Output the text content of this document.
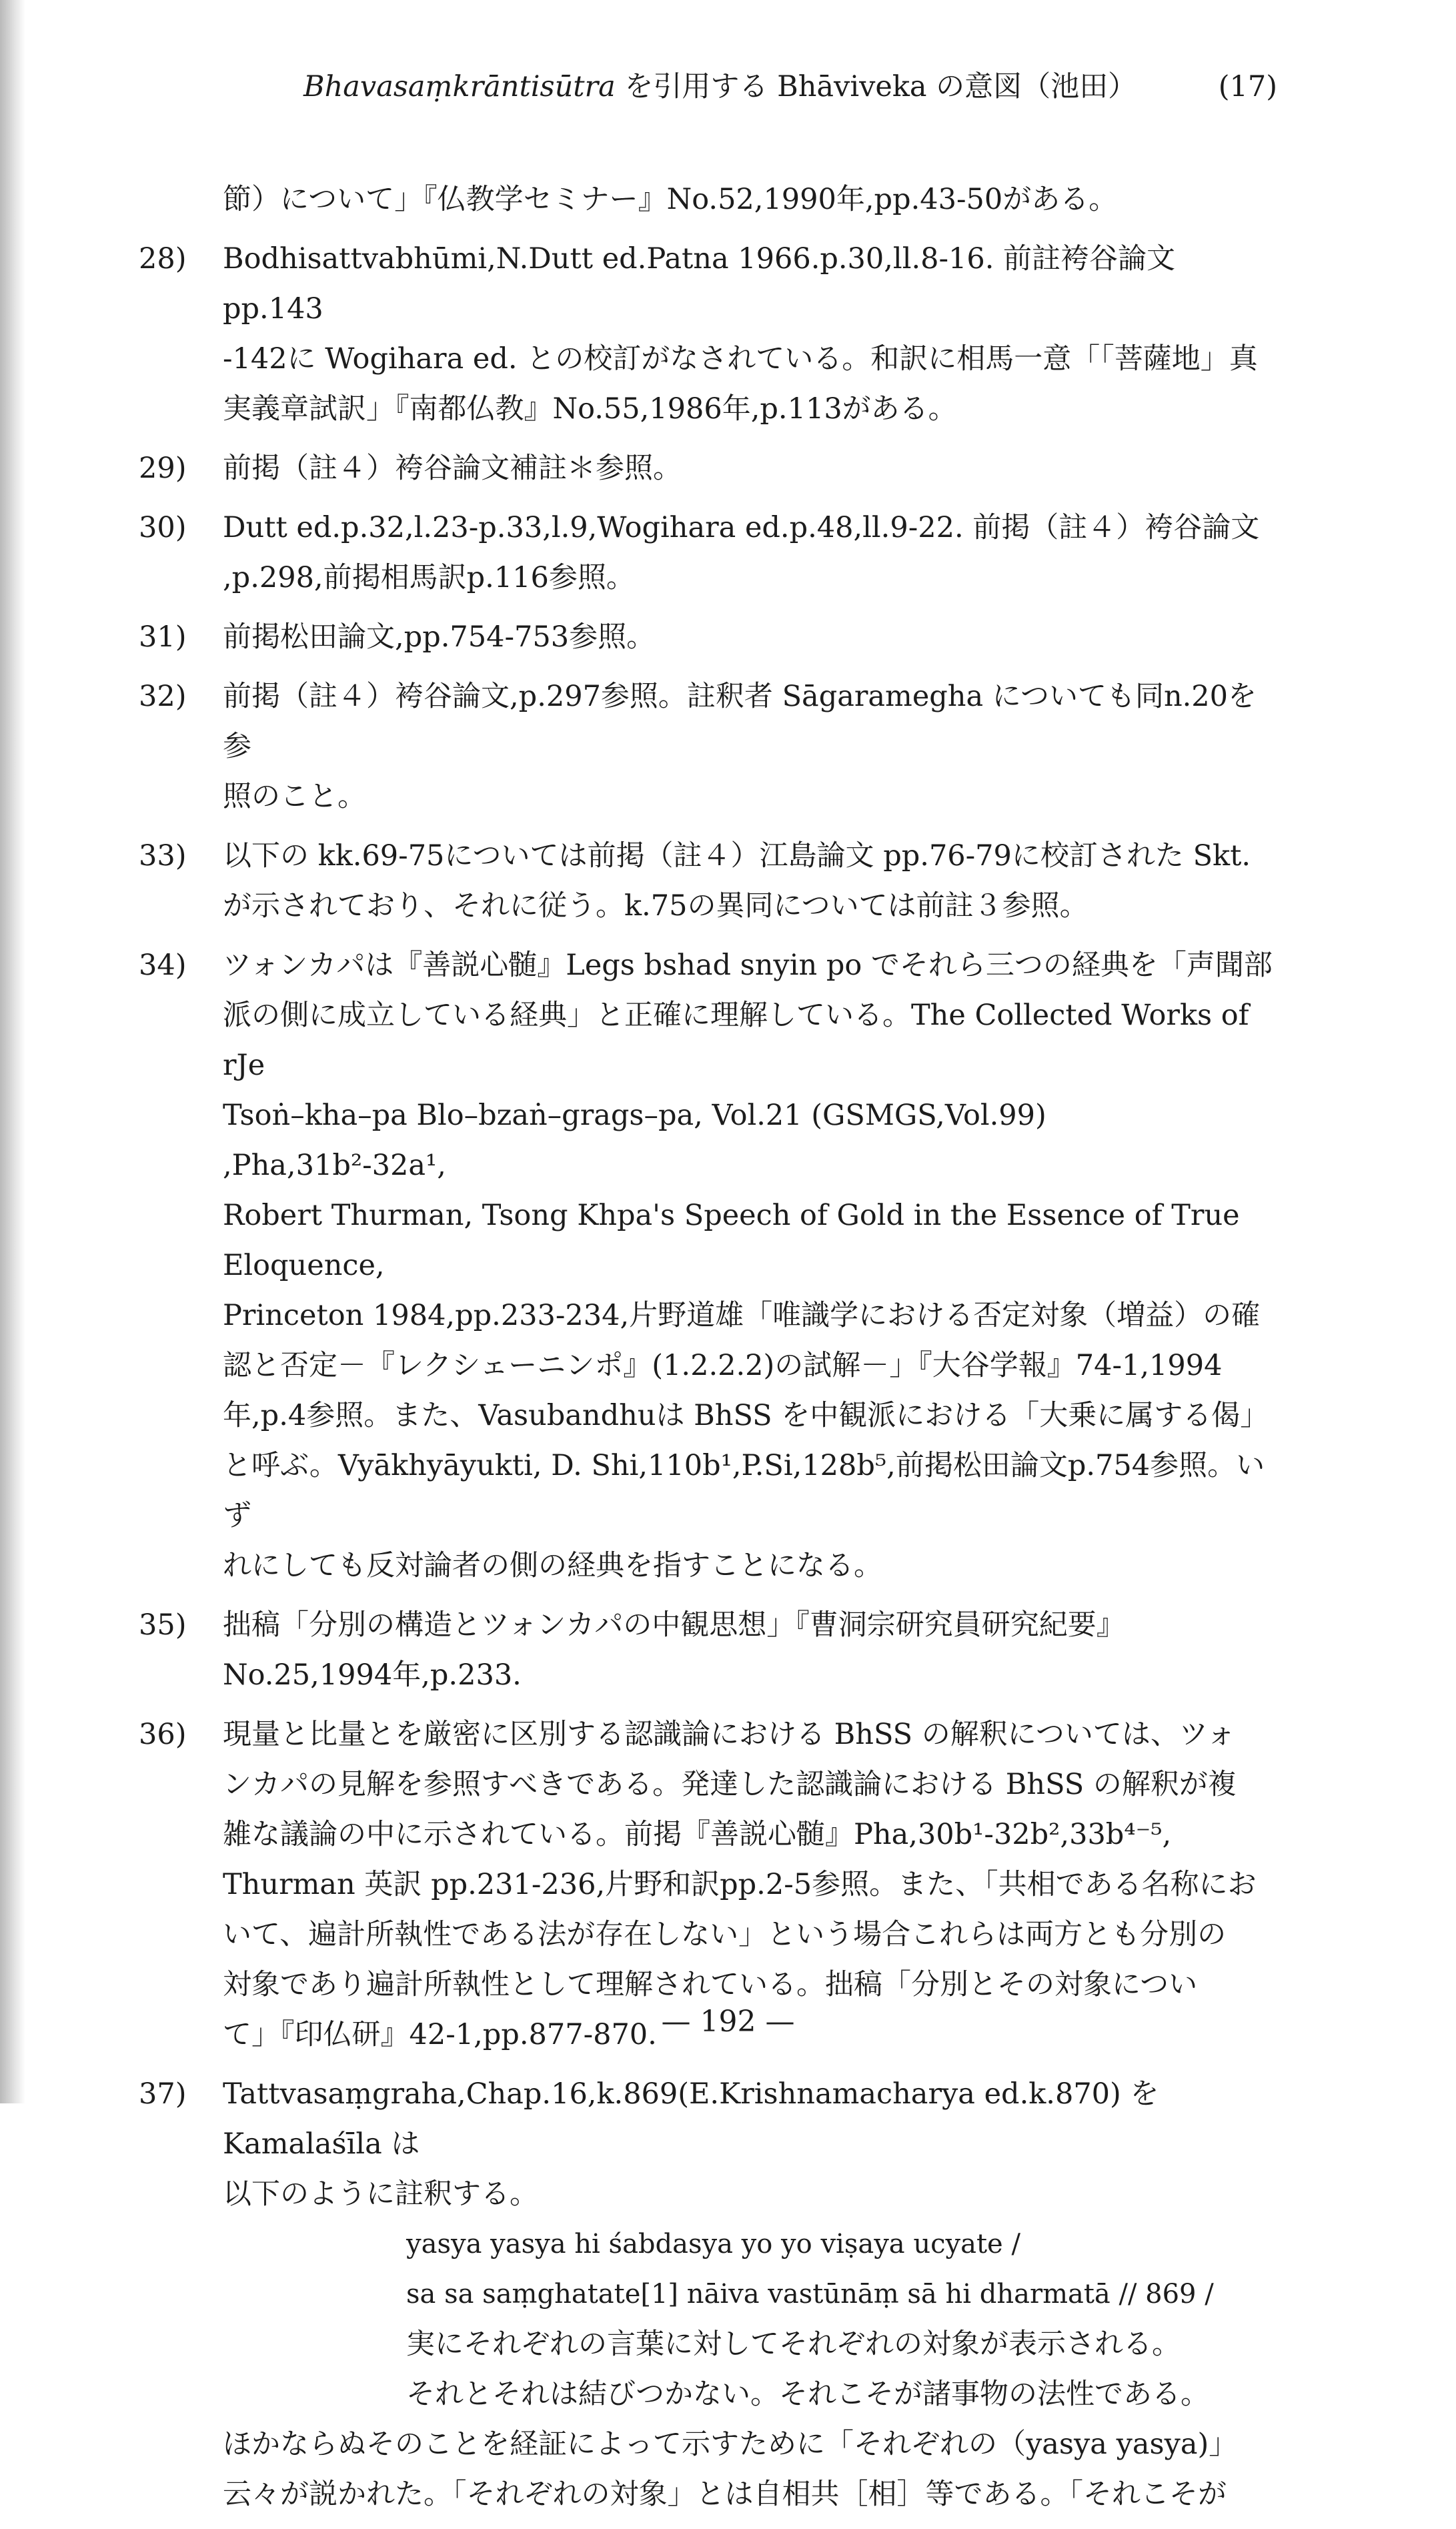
Bhavasaṃkrāntisūtra を引用する Bhāviveka の意図（池田）	(17)
節）について」『仏教学セミナー』No.52,1990年,pp.43-50がある。
28)	Bodhisattvabhūmi,N.Dutt ed.Patna 1966.p.30,ll.8-16. 前註袴谷論文 pp.143
-142に Wogihara ed. との校訂がなされている。和訳に相馬一意「「菩薩地」真
実義章試訳」『南都仏教』No.55,1986年,p.113がある。
29)	前掲（註４）袴谷論文補註＊参照。
30)	Dutt ed.p.32,l.23-p.33,l.9,Wogihara ed.p.48,ll.9-22. 前掲（註４）袴谷論文
,p.298,前掲相馬訳p.116参照。
31)	前掲松田論文,pp.754-753参照。
32)	前掲（註４）袴谷論文,p.297参照。註釈者 Sāgaramegha についても同n.20を参
照のこと。
33)	以下の kk.69-75については前掲（註４）江島論文 pp.76-79に校訂された Skt.
が示されており、それに従う。k.75の異同については前註３参照。
34)	ツォンカパは『善説心髄』Legs bshad snyin po でそれら三つの経典を「声聞部
派の側に成立している経典」と正確に理解している。The Collected Works of rJe
Tsoṅ–kha–pa Blo–bzaṅ–grags–pa, Vol.21 (GSMGS,Vol.99) ,Pha,31b²-32a¹,
Robert Thurman, Tsong Khpa's Speech of Gold in the Essence of True Eloquence,
Princeton 1984,pp.233-234,片野道雄「唯識学における否定対象（増益）の確
認と否定－『レクシェーニンポ』(1.2.2.2)の試解－」『大谷学報』74-1,1994
年,p.4参照。また、Vasubandhuは BhSS を中観派における「大乗に属する偈」
と呼ぶ。Vyākhyāyukti, D. Shi,110b¹,P.Si,128b⁵,前掲松田論文p.754参照。いず
れにしても反対論者の側の経典を指すことになる。
35)	拙稿「分別の構造とツォンカパの中観思想」『曹洞宗研究員研究紀要』
No.25,1994年,p.233.
36)	現量と比量とを厳密に区別する認識論における BhSS の解釈については、ツォ
ンカパの見解を参照すべきである。発達した認識論における BhSS の解釈が複
雑な議論の中に示されている。前掲『善説心髄』Pha,30b¹-32b²,33b⁴⁻⁵,
Thurman 英訳 pp.231-236,片野和訳pp.2-5参照。また、「共相である名称にお
いて、遍計所執性である法が存在しない」という場合これらは両方とも分別の
対象であり遍計所執性として理解されている。拙稿「分別とその対象につい
て」『印仏研』42-1,pp.877-870.
37)	Tattvasaṃgraha,Chap.16,k.869(E.Krishnamacharya ed.k.870) を Kamalaśīla は
以下のように註釈する。
yasya yasya hi śabdasya yo yo viṣaya ucyate /
sa sa saṃghatate[1] nāiva vastūnāṃ sā hi dharmatā // 869 /
実にそれぞれの言葉に対してそれぞれの対象が表示される。
それとそれは結びつかない。それこそが諸事物の法性である。
ほかならぬそのことを経証によって示すために「それぞれの（yasya yasya)」
云々が説かれた。「それぞれの対象」とは自相共［相］等である。「それこそが
— 192 —
